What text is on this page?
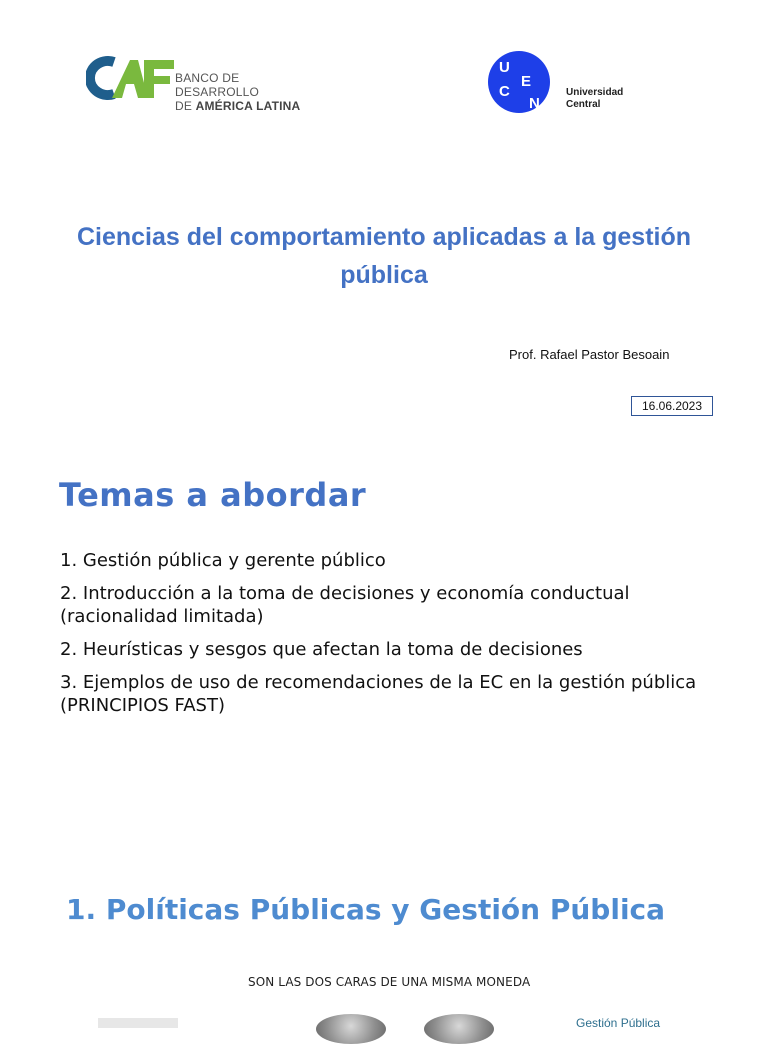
BANCO DE DESARROLLO
DE AMÉRICA LATINA
U
C
E
N
Universidad
Central
Ciencias del comportamiento aplicadas a la gestión pública
Prof. Rafael Pastor Besoain
16.06.2023
Temas a abordar
1. Gestión pública y gerente público
2. Introducción a la toma de decisiones y economía conductual (racionalidad limitada)
2. Heurísticas y sesgos que afectan la toma de decisiones
3. Ejemplos de uso de recomendaciones de la EC en la gestión pública (PRINCIPIOS FAST)
1. Políticas Públicas y Gestión Pública
SON LAS DOS CARAS DE UNA MISMA MONEDA
Gestión Pública
